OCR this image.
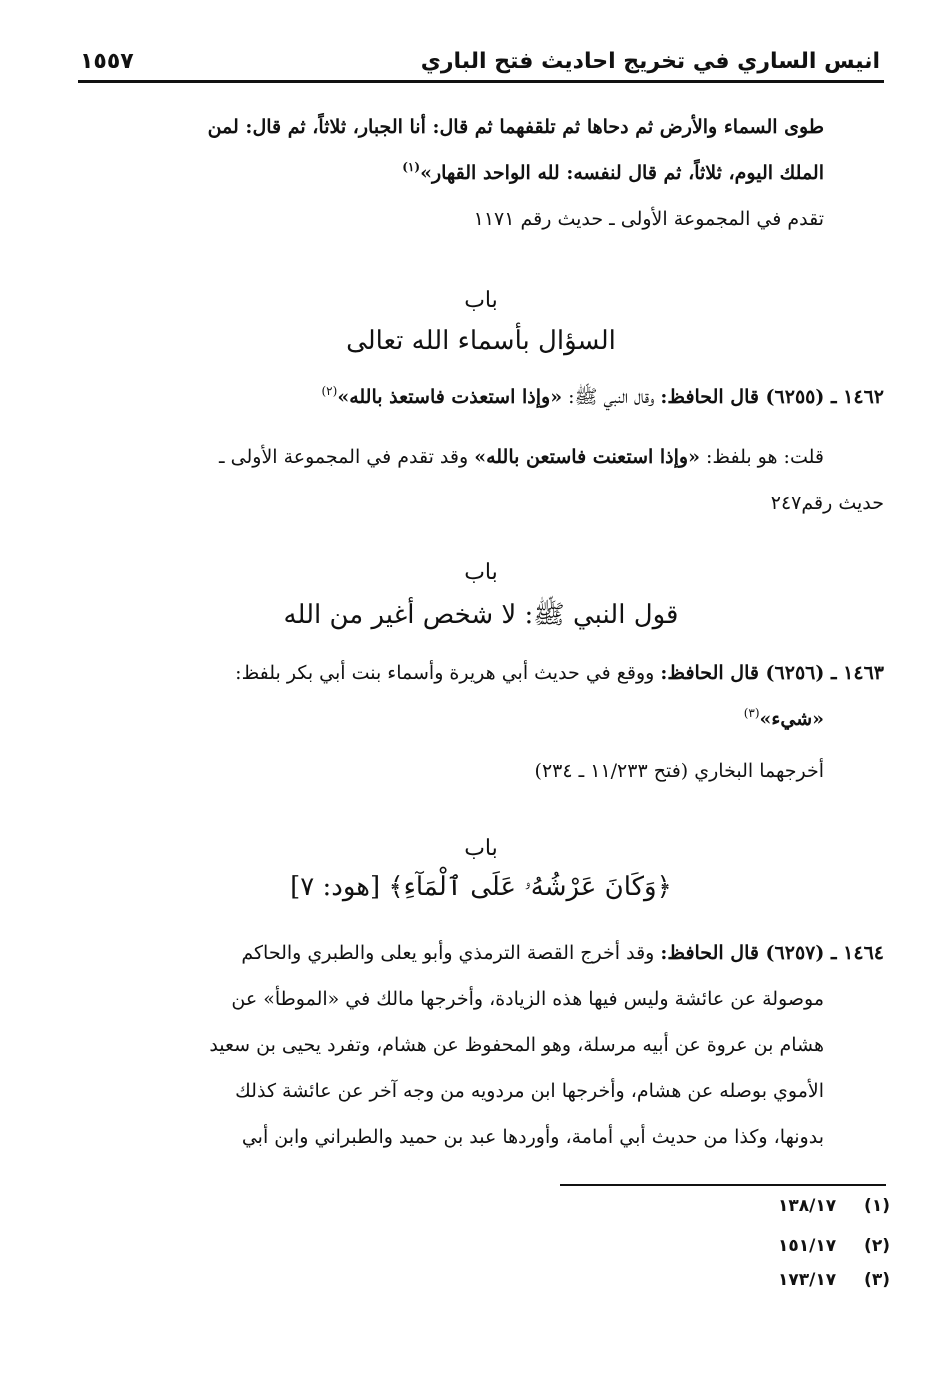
انيس الساري في تخريج احاديث فتح الباري
١٥٥٧
طوى السماء والأرض ثم دحاها ثم تلقفهما ثم قال: أنا الجبار، ثلاثاً، ثم قال: لمن
الملك اليوم، ثلاثاً، ثم قال لنفسه: لله الواحد القهار»$^{(١)}$
تقدم في المجموعة الأولى ـ حديث رقم ١١٧١
باب
السؤال بأسماء الله تعالى
١٤٦٢ ـ (٦٢٥٥) قال الحافظ: وقال النبي ﷺ: «وإذا استعذت فاستعذ بالله»$^{(٢)}$
قلت: هو بلفظ: «وإذا استعنت فاستعن بالله» وقد تقدم في المجموعة الأولى ـ
حديث رقم٢٤٧
باب
قول النبي ﷺ: لا شخص أغير من الله
١٤٦٣ ـ (٦٢٥٦) قال الحافظ: ووقع في حديث أبي هريرة وأسماء بنت أبي بكر بلفظ:
«شيء»$^{(٣)}$
أخرجهما البخاري (فتح ١١/٢٣٣ ـ ٢٣٤)
باب
﴿وَكَانَ عَرْشُهُۥ عَلَى ٱلْمَآءِ﴾ [هود: ٧]
١٤٦٤ ـ (٦٢٥٧) قال الحافظ: وقد أخرج القصة الترمذي وأبو يعلى والطبري والحاكم
موصولة عن عائشة وليس فيها هذه الزيادة، وأخرجها مالك في «الموطأ» عن
هشام بن عروة عن أبيه مرسلة، وهو المحفوظ عن هشام، وتفرد يحيى بن سعيد
الأموي بوصله عن هشام، وأخرجها ابن مردويه من وجه آخر عن عائشة كذلك
بدونها، وكذا من حديث أبي أمامة، وأوردها عبد بن حميد والطبراني وابن أبي
(١) ١٣٨/١٧
(٢) ١٥١/١٧
(٣) ١٧٣/١٧
